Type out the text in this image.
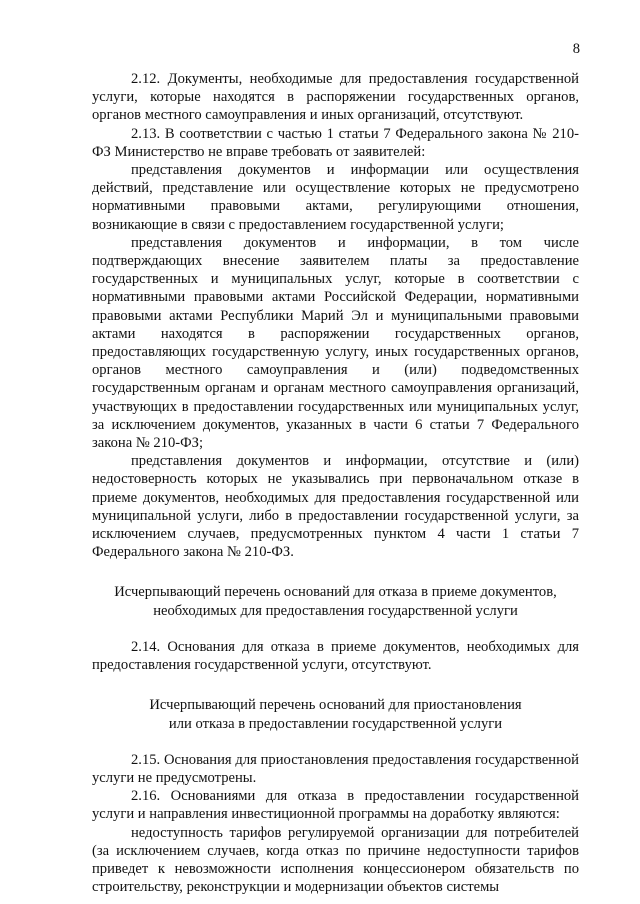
8

2.12. Документы, необходимые для предоставления государственной услуги, которые находятся в распоряжении государственных органов, органов местного самоуправления и иных организаций, отсутствуют.

2.13. В соответствии с частью 1 статьи 7 Федерального закона № 210-ФЗ Министерство не вправе требовать от заявителей:

представления документов и информации или осуществления действий, представление или осуществление которых не предусмотрено нормативными правовыми актами, регулирующими отношения, возникающие в связи с предоставлением государственной услуги;

представления документов и информации, в том числе подтверждающих внесение заявителем платы за предоставление государственных и муниципальных услуг, которые в соответствии с нормативными правовыми актами Российской Федерации, нормативными правовыми актами Республики Марий Эл и муниципальными правовыми актами находятся в распоряжении государственных органов, предоставляющих государственную услугу, иных государственных органов, органов местного самоуправления и (или) подведомственных государственным органам и органам местного самоуправления организаций, участвующих в предоставлении государственных или муниципальных услуг, за исключением документов, указанных в части 6 статьи 7 Федерального закона № 210-ФЗ;

представления документов и информации, отсутствие и (или) недостоверность которых не указывались при первоначальном отказе в приеме документов, необходимых для предоставления государственной или муниципальной услуги, либо в предоставлении государственной услуги, за исключением случаев, предусмотренных пунктом 4 части 1 статьи 7 Федерального закона № 210-ФЗ.

Исчерпывающий перечень оснований для отказа в приеме документов,
необходимых для предоставления государственной услуги

2.14. Основания для отказа в приеме документов, необходимых для предоставления государственной услуги, отсутствуют.

Исчерпывающий перечень оснований для приостановления
или отказа в предоставлении государственной услуги

2.15. Основания для приостановления предоставления государственной услуги не предусмотрены.

2.16. Основаниями для отказа в предоставлении государственной услуги и направления инвестиционной программы на доработку являются:

недоступность тарифов регулируемой организации для потребителей (за исключением случаев, когда отказ по причине недоступности тарифов приведет к невозможности исполнения концессионером обязательств по строительству, реконструкции и модернизации объектов системы
